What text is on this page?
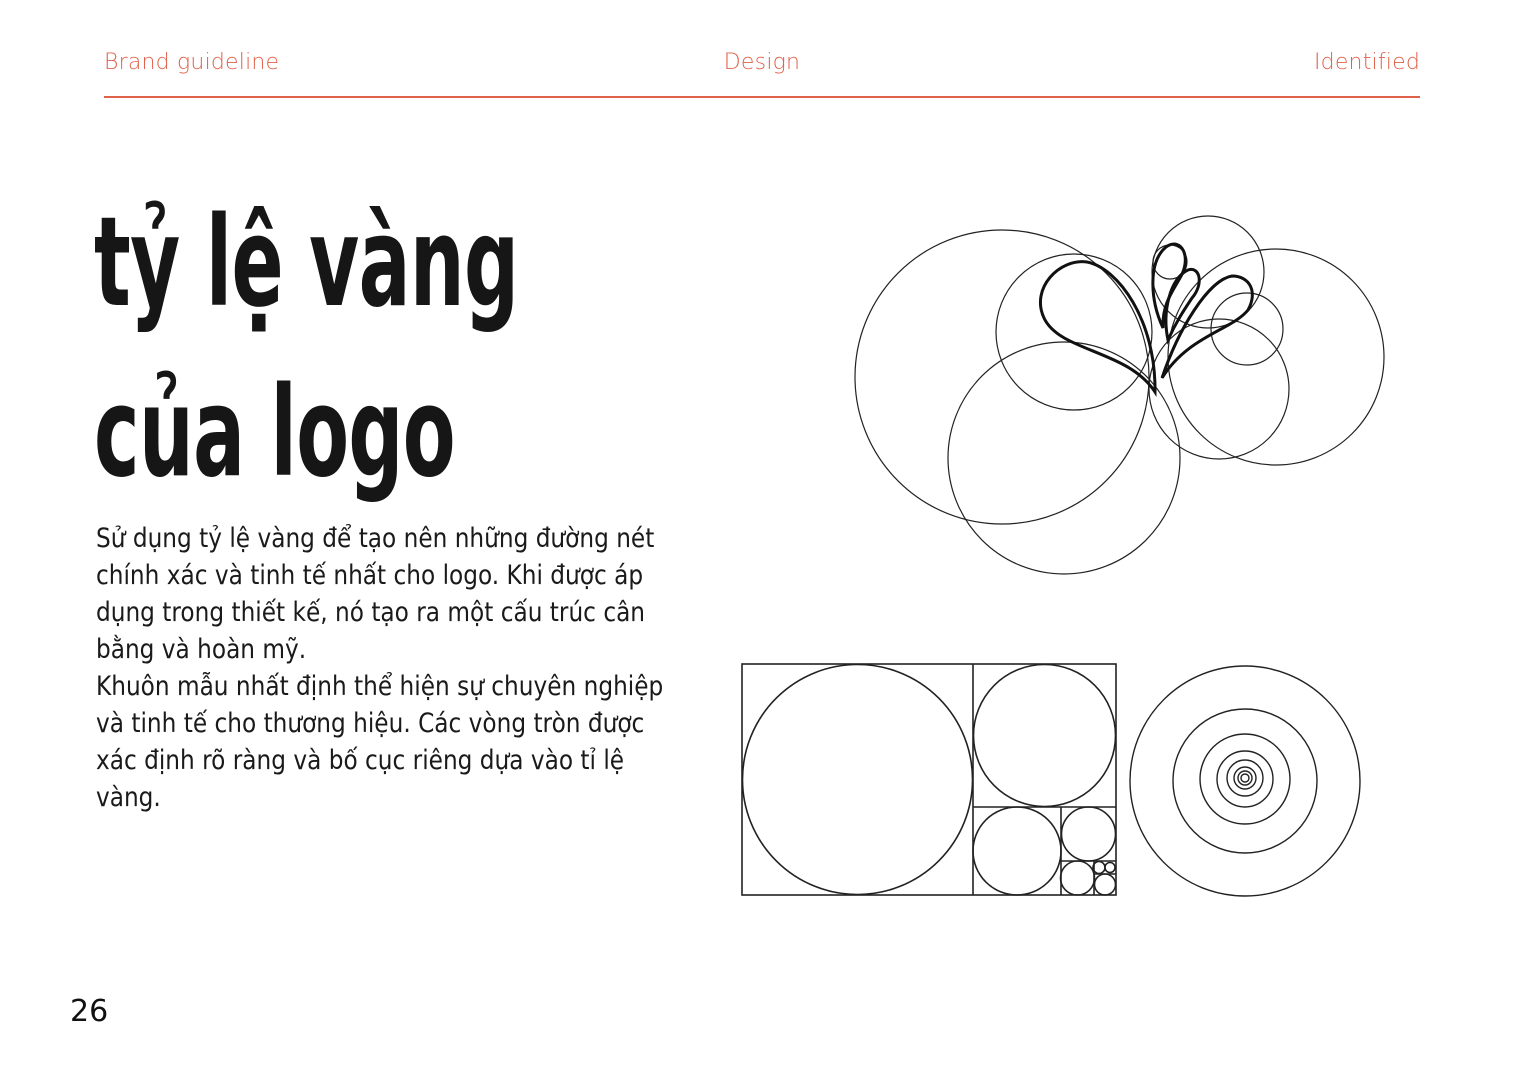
Brand guideline	Design	Identified
tỷ lệ vàng
của logo

Sử dụng tỷ lệ vàng để tạo nên những đường nét chính xác và tinh tế nhất cho logo. Khi được áp dụng trong thiết kế, nó tạo ra một cấu trúc cân bằng và hoàn mỹ.

Khuôn mẫu nhất định thể hiện sự chuyên nghiệp và tinh tế cho thương hiệu. Các vòng tròn được xác định rõ ràng và bố cục riêng dựa vào tỉ lệ vàng.

26
